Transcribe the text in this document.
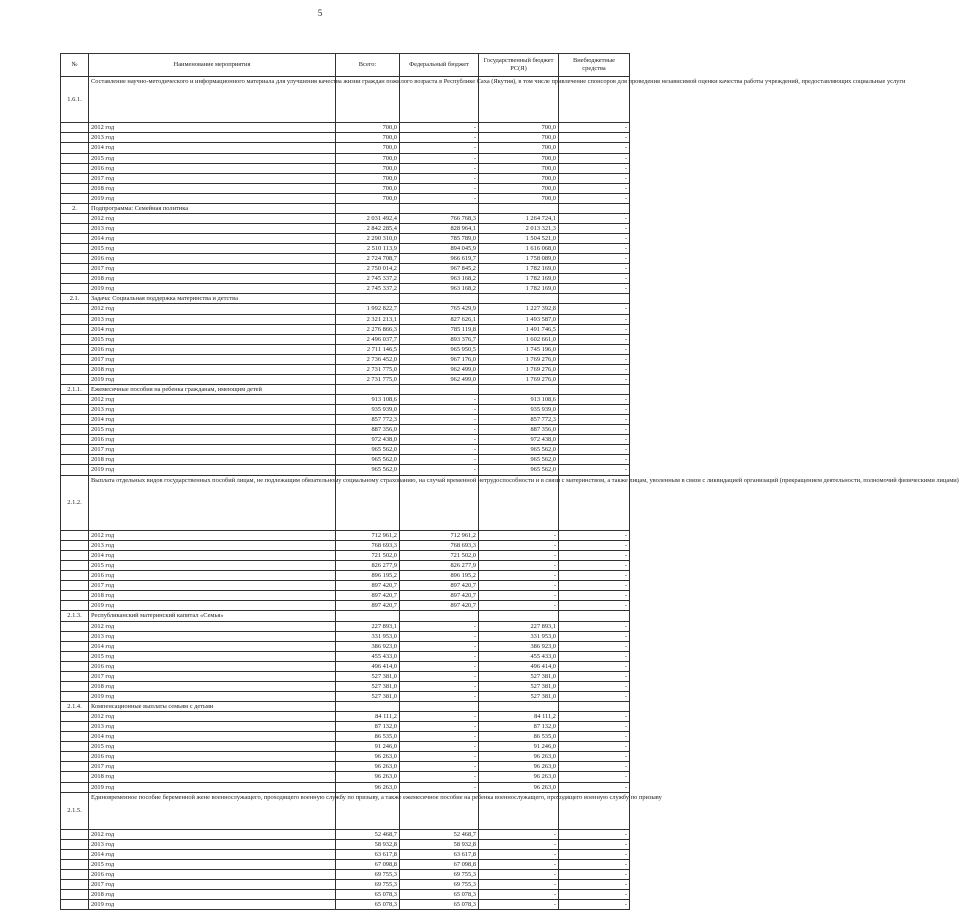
5
№	Наименование мероприятия	Всего:	Федеральный бюджет	Государственный бюджет РС(Я)	Внебюджетные средства
1.6.1.	Составление научно-методического и информационного материала для улучшения качества жизни граждан пожилого возраста в Республике Саха (Якутия), в том числе привлечение спонсоров для проведения независимой оценки качества работы учреждений, предоставляющих социальные услуги				
	2012 год	700,0	-	700,0	-
	2013 год	700,0	-	700,0	-
	2014 год	700,0	-	700,0	-
	2015 год	700,0	-	700,0	-
	2016 год	700,0	-	700,0	-
	2017 год	700,0	-	700,0	-
	2018 год	700,0	-	700,0	-
	2019 год	700,0	-	700,0	-
2.	Подпрограмма: Семейная политика				
	2012 год	2 031 492,4	766 768,3	1 264 724,1	-
	2013 год	2 842 285,4	828 964,1	2 013 321,3	-
	2014 год	2 290 310,0	785 789,0	1 504 521,0	-
	2015 год	2 510 113,9	894 045,9	1 616 068,0	-
	2016 год	2 724 708,7	966 619,7	1 758 089,0	-
	2017 год	2 750 014,2	967 845,2	1 782 169,0	-
	2018 год	2 745 337,2	963 168,2	1 782 169,0	-
	2019 год	2 745 337,2	963 168,2	1 782 169,0	-
2.1.	Задача: Социальная поддержка материнства и детства				
	2012 год	1 992 822,7	765 429,9	1 227 392,8	-
	2013 год	2 321 213,1	827 626,1	1 493 587,0	-
	2014 год	2 276 866,3	785 119,8	1 491 746,5	-
	2015 год	2 496 037,7	893 376,7	1 602 661,0	-
	2016 год	2 711 146,5	965 950,5	1 745 196,0	-
	2017 год	2 736 452,0	967 176,0	1 769 276,0	-
	2018 год	2 731 775,0	962 499,0	1 769 276,0	-
	2019 год	2 731 775,0	962 499,0	1 769 276,0	-
2.1.1.	Ежемесячные пособия на ребенка гражданам, имеющим детей				
	2012 год	913 108,6	-	913 108,6	-
	2013 год	935 939,0	-	935 939,0	-
	2014 год	857 772,3	-	857 772,3	-
	2015 год	887 356,0	-	887 356,0	-
	2016 год	972 438,0	-	972 438,0	-
	2017 год	965 562,0	-	965 562,0	-
	2018 год	965 562,0	-	965 562,0	-
	2019 год	965 562,0	-	965 562,0	-
2.1.2.	Выплата отдельных видов государственных пособий лицам, не подлежащим обязательному социальному страхованию, на случай временной нетрудоспособности и в связи с материнством, а также лицам, уволенным в связи с ликвидацией организаций (прекращением деятельности, полномочий физическими лицами)				
	2012 год	712 961,2	712 961,2	-	-
	2013 год	768 693,3	768 693,3	-	-
	2014 год	721 502,0	721 502,0	-	-
	2015 год	826 277,9	826 277,9	-	-
	2016 год	896 195,2	896 195,2	-	-
	2017 год	897 420,7	897 420,7	-	-
	2018 год	897 420,7	897 420,7	-	-
	2019 год	897 420,7	897 420,7	-	-
2.1.3.	Республиканский материнский капитал «Семья»				
	2012 год	227 893,1	-	227 893,1	-
	2013 год	331 953,0	-	331 953,0	-
	2014 год	386 923,0	-	386 923,0	-
	2015 год	455 433,0	-	455 433,0	-
	2016 год	496 414,0	-	496 414,0	-
	2017 год	527 381,0	-	527 381,0	-
	2018 год	527 381,0	-	527 381,0	-
	2019 год	527 381,0	-	527 381,0	-
2.1.4.	Компенсационные выплаты семьям с детьми				
	2012 год	84 111,2	-	84 111,2	-
	2013 год	87 132,0	-	87 132,0	-
	2014 год	86 535,0	-	86 535,0	-
	2015 год	91 246,0	-	91 246,0	-
	2016 год	96 263,0	-	96 263,0	-
	2017 год	96 263,0	-	96 263,0	-
	2018 год	96 263,0	-	96 263,0	-
	2019 год	96 263,0	-	96 263,0	-
2.1.5.	Единовременное пособие беременной жене военнослужащего, проходящего военную службу по призыву, а также ежемесячное пособие на ребенка военнослужащего, проходящего военную службу по призыву				
	2012 год	52 468,7	52 468,7	-	-
	2013 год	58 932,8	58 932,8	-	-
	2014 год	63 617,8	63 617,8	-	-
	2015 год	67 098,8	67 098,8	-	-
	2016 год	69 755,3	69 755,3	-	-
	2017 год	69 755,3	69 755,3	-	-
	2018 год	65 078,3	65 078,3	-	-
	2019 год	65 078,3	65 078,3	-	-
